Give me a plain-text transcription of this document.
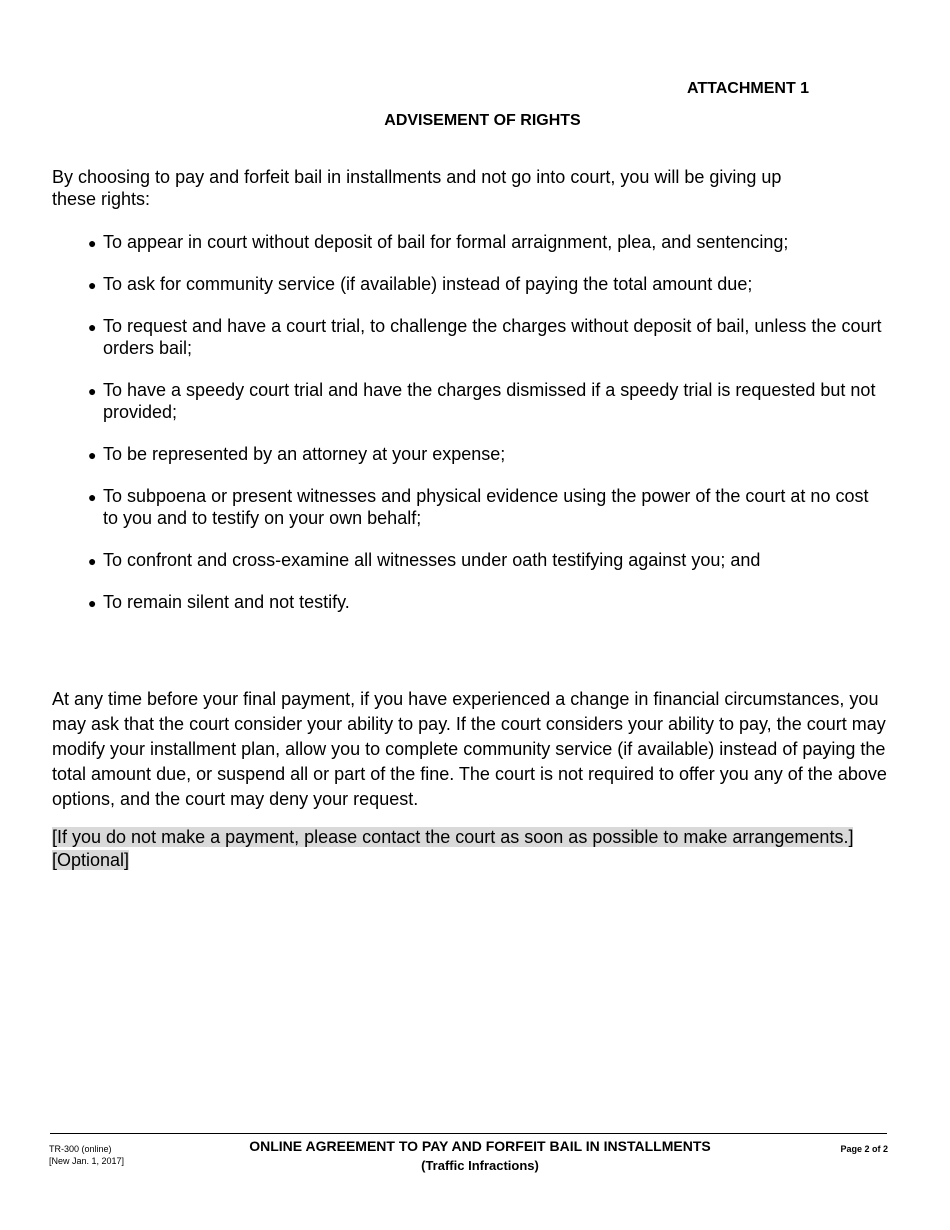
ATTACHMENT 1
ADVISEMENT OF RIGHTS

By choosing to pay and forfeit bail in installments and not go into court, you will be giving up these rights:

●
To appear in court without deposit of bail for formal arraignment, plea, and sentencing;
●
To ask for community service (if available) instead of paying the total amount due;
●
To request and have a court trial, to challenge the charges without deposit of bail, unless the court orders bail;
●
To have a speedy court trial and have the charges dismissed if a speedy trial is requested but not provided;
●
To be represented by an attorney at your expense;
●
To subpoena or present witnesses and physical evidence using the power of the court at no cost to you and to testify on your own behalf;
●
To confront and cross-examine all witnesses under oath testifying against you; and
●
To remain silent and not testify.

At any time before your final payment, if you have experienced a change in financial circumstances, you may ask that the court consider your ability to pay. If the court considers your ability to pay, the court may modify your installment plan, allow you to complete community service (if available) instead of paying the total amount due, or suspend all or part of the fine. The court is not required to offer you any of the above options, and the court may deny your request.

[If you do not make a payment, please contact the court as soon as possible to make arrangements.] [Optional]

TR-300 (online)
[New Jan. 1, 2017]
ONLINE AGREEMENT TO PAY AND FORFEIT BAIL IN INSTALLMENTS
(Traffic Infractions)
Page 2 of 2
